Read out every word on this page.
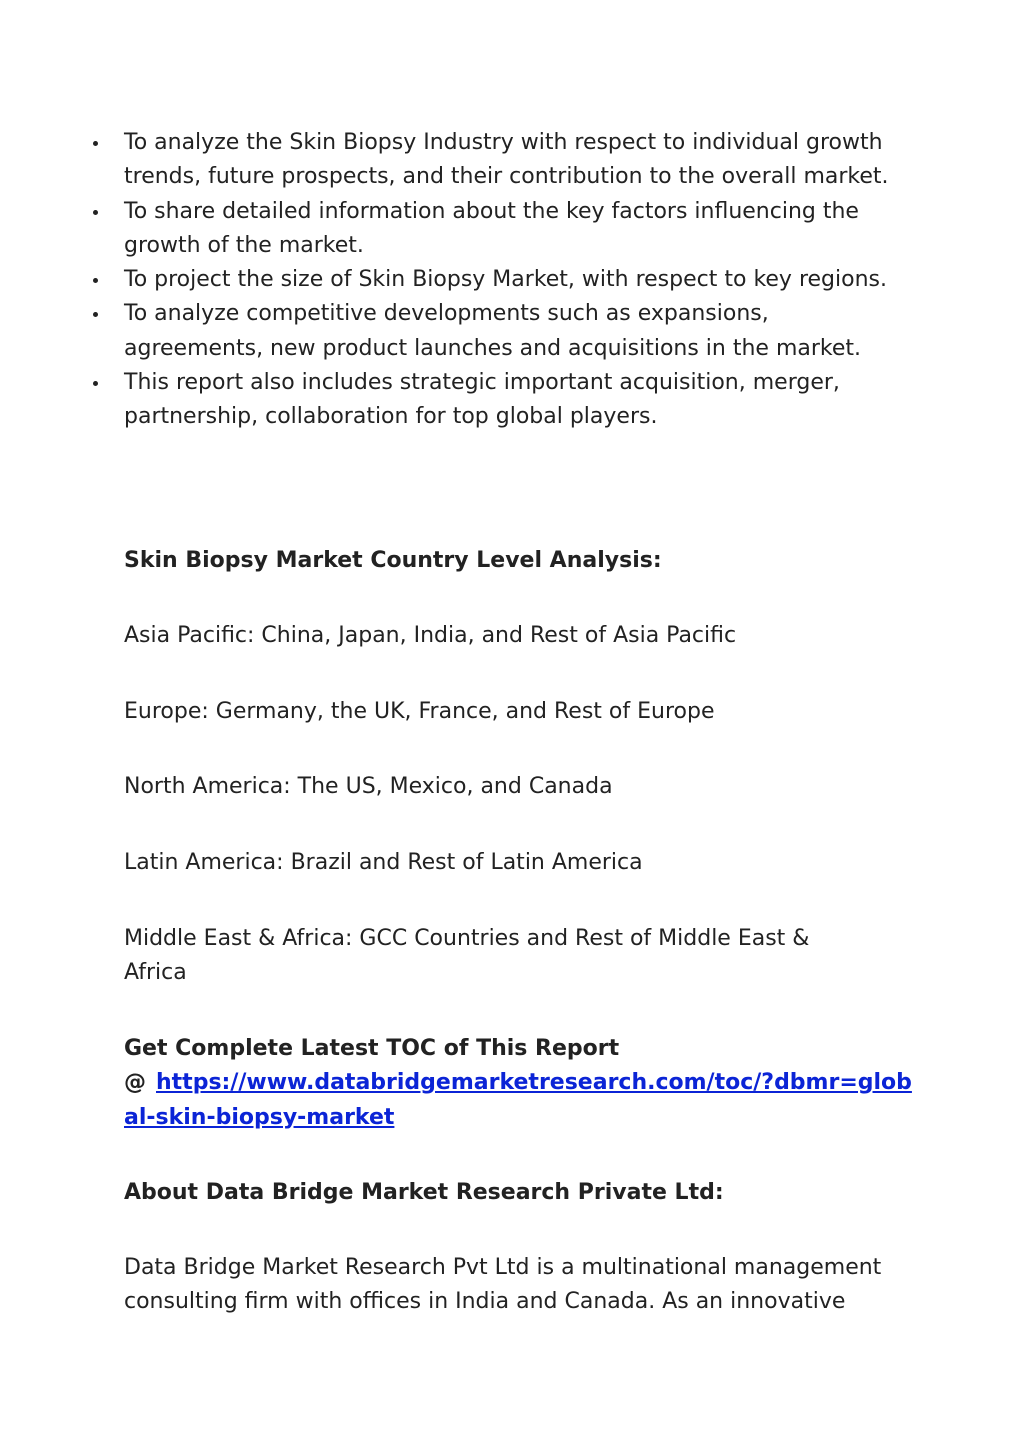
To analyze the Skin Biopsy Industry with respect to individual growth trends, future prospects, and their contribution to the overall market.
To share detailed information about the key factors influencing the growth of the market.
To project the size of Skin Biopsy Market, with respect to key regions.
To analyze competitive developments such as expansions, agreements, new product launches and acquisitions in the market.
This report also includes strategic important acquisition, merger, partnership, collaboration for top global players.

Skin Biopsy Market Country Level Analysis:

Asia Pacific: China, Japan, India, and Rest of Asia Pacific

Europe: Germany, the UK, France, and Rest of Europe

North America: The US, Mexico, and Canada

Latin America: Brazil and Rest of Latin America

Middle East & Africa: GCC Countries and Rest of Middle East & Africa

Get Complete Latest TOC of This Report
@ https://www.databridgemarketresearch.com/toc/?dbmr=global-skin-biopsy-market

About Data Bridge Market Research Private Ltd:

Data Bridge Market Research Pvt Ltd is a multinational management consulting firm with offices in India and Canada. As an innovative
